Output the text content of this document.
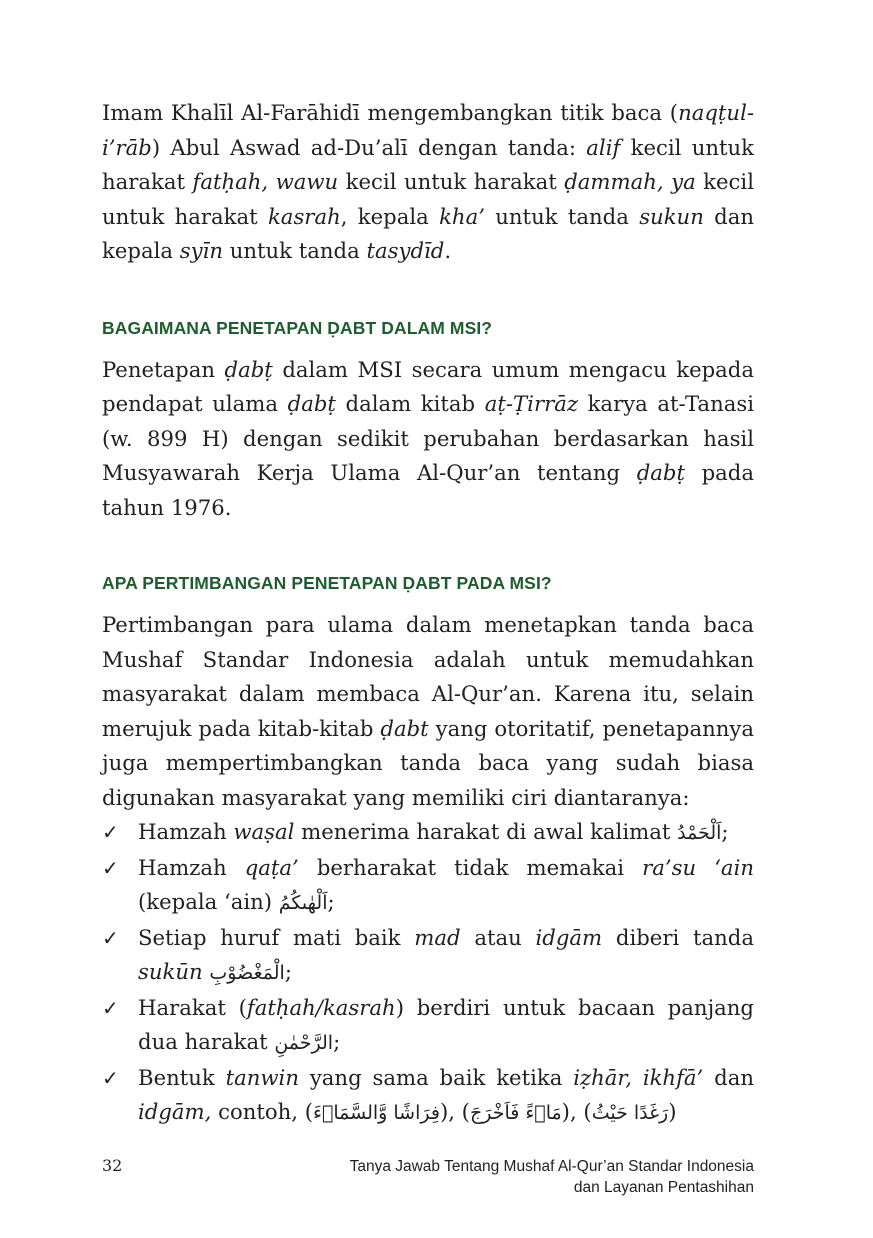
Imam Khalīl Al-Farāhidī mengembangkan titik baca (naqṭul-i’rāb) Abul Aswad ad-Du’alī dengan tanda: alif kecil untuk harakat fatḥah, wawu kecil untuk harakat ḍammah, ya kecil untuk harakat kasrah, kepala kha’ untuk tanda sukun dan kepala syīn untuk tanda tasydīd.

BAGAIMANA PENETAPAN ḌABT DALAM MSI?

Penetapan ḍabṭ dalam MSI secara umum mengacu kepada pendapat ulama ḍabṭ dalam kitab aṭ-Ṭirrāz karya at-Tanasi (w. 899 H) dengan sedikit perubahan berdasarkan hasil Musyawarah Kerja Ulama Al-Qur’an tentang ḍabṭ pada tahun 1976.

APA PERTIMBANGAN PENETAPAN ḌABT PADA MSI?

Pertimbangan para ulama dalam menetapkan tanda baca Mushaf Standar Indonesia adalah untuk memudahkan masyarakat dalam membaca Al-Qur’an. Karena itu, selain merujuk pada kitab-kitab ḍabt yang otoritatif, penetapannya juga mempertimbangkan tanda baca yang sudah biasa digunakan masyarakat yang memiliki ciri diantaranya:

✓ Hamzah waṣal menerima harakat di awal kalimat اَلْحَمْدُ;
✓ Hamzah qaṭa’ berharakat tidak memakai ra’su ‘ain (kepala ‘ain) اَلْهٰىكُمُ;
✓ Setiap huruf mati baik mad atau idgām diberi tanda sukūn الْمَغْضُوْبِ;
✓ Harakat (fatḥah/kasrah) berdiri untuk bacaan panjang dua harakat الرَّحْمٰنِ;
✓ Bentuk tanwin yang sama baik ketika iẓhār, ikhfā’ dan idgām, contoh, (فِرَاشًا وَّالسَّمَاۤءَ), (مَاۤءً فَاَخْرَجَ), (رَغَدًا حَيْثُ)
32	Tanya Jawab Tentang Mushaf Al-Qur’an Standar Indonesia
dan Layanan Pentashihan
